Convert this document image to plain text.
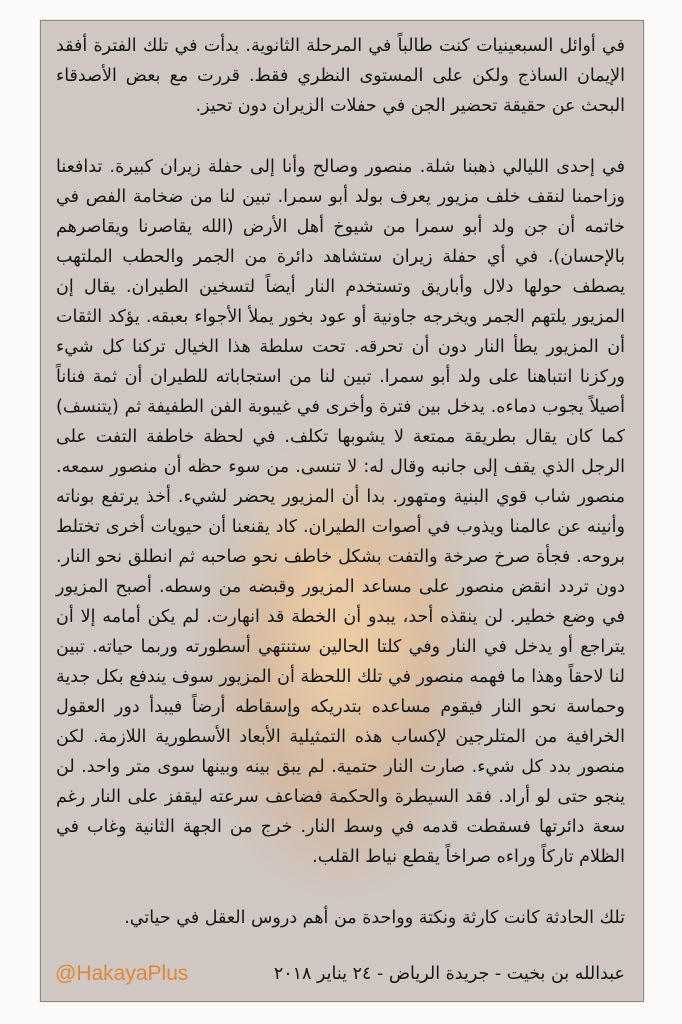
في أوائل السبعينيات كنت طالباً في المرحلة الثانوية. بدأت في تلك الفترة أفقد الإيمان الساذج ولكن على المستوى النظري فقط. قررت مع بعض الأصدقاء البحث عن حقيقة تحضير الجن في حفلات الزيران دون تحيز.

في إحدى الليالي ذهبنا شلة. منصور وصالح وأنا إلى حفلة زيران كبيرة. تدافعنا وزاحمنا لنقف خلف مزيور يعرف بولد أبو سمرا. تبين لنا من ضخامة الفص في خاتمه أن جن ولد أبو سمرا من شيوخ أهل الأرض (الله يقاصرنا ويقاصرهم بالإحسان). في أي حفلة زيران ستشاهد دائرة من الجمر والحطب الملتهب يصطف حولها دلال وأباريق وتستخدم النار أيضاً لتسخين الطيران. يقال إن المزيور يلتهم الجمر ويخرجه جاونية أو عود بخور يملأ الأجواء بعبقه. يؤكد الثقات أن المزيور يطأ النار دون أن تحرقه. تحت سلطة هذا الخيال تركنا كل شيء وركزنا انتباهنا على ولد أبو سمرا. تبين لنا من استجاباته للطيران أن ثمة فناناً أصيلاً يجوب دماءه. يدخل بين فترة وأخرى في غيبوبة الفن الطفيفة ثم (يتنسف) كما كان يقال بطريقة ممتعة لا يشوبها تكلف. في لحظة خاطفة التفت على الرجل الذي يقف إلى جانبه وقال له: لا تنسى. من سوء حظه أن منصور سمعه. منصور شاب قوي البنية ومتهور. بدا أن المزيور يحضر لشيء. أخذ يرتفع بوناته وأنينه عن عالمنا ويذوب في أصوات الطيران. كاد يقنعنا أن حيويات أخرى تختلط بروحه. فجأة صرخ صرخة والتفت بشكل خاطف نحو صاحبه ثم انطلق نحو النار. دون تردد انقض منصور على مساعد المزيور وقبضه من وسطه. أصبح المزيور في وضع خطير. لن ينقذه أحد، يبدو أن الخطة قد انهارت. لم يكن أمامه إلا أن يتراجع أو يدخل في النار وفي كلتا الحالين ستنتهي أسطورته وربما حياته. تبين لنا لاحقاً وهذا ما فهمه منصور في تلك اللحظة أن المزيور سوف يندفع بكل جدية وحماسة نحو النار فيقوم مساعده بتدريكه وإسقاطه أرضاً فيبدأ دور العقول الخرافية من المتلرجين لإكساب هذه التمثيلية الأبعاد الأسطورية اللازمة. لكن منصور بدد كل شيء. صارت النار حتمية. لم يبق بينه وبينها سوى متر واحد. لن ينجو حتى لو أراد. فقد السيطرة والحكمة فضاعف سرعته ليقفز على النار رغم سعة دائرتها فسقطت قدمه في وسط النار. خرج من الجهة الثانية وغاب في الظلام تاركاً وراءه صراخاً يقطع نياط القلب.

تلك الحادثة كانت كارثة ونكتة وواحدة من أهم دروس العقل في حياتي.

@HakayaPlus	عبدالله بن بخيت - جريدة الرياض - ٢٤ يناير ٢٠١٨
